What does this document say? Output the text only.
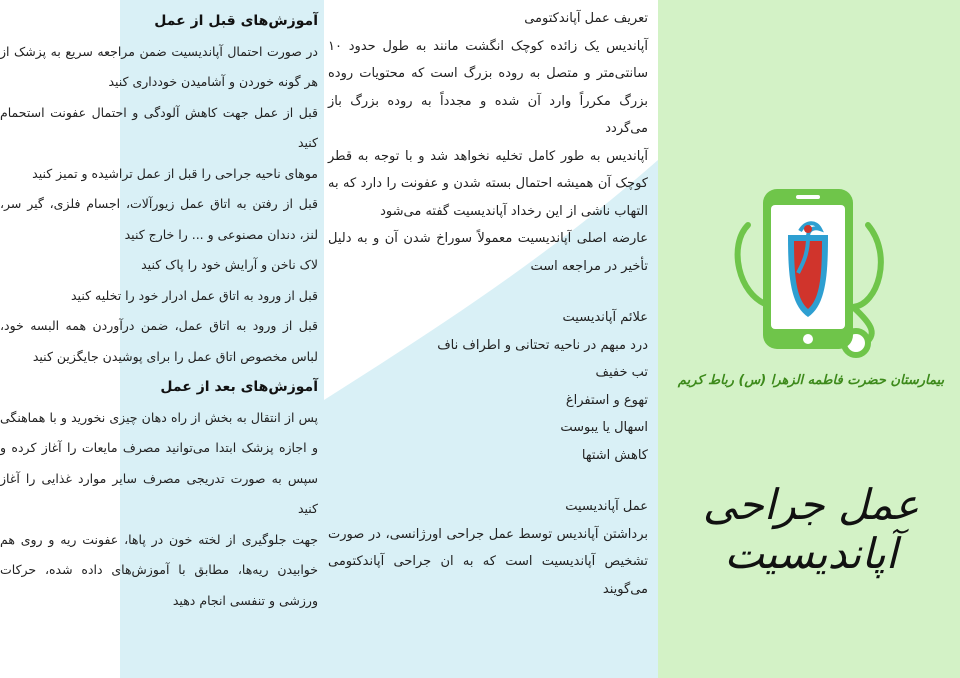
آموزش‌های قبل از عمل

در صورت احتمال آپاندیسیت ضمن مراجعه سریع به پزشک از هر گونه خوردن و آشامیدن خودداری کنید

قبل از عمل جهت کاهش آلودگی و احتمال عفونت استحمام کنید

موهای ناحیه جراحی را قبل از عمل تراشیده و تمیز کنید

قبل از رفتن به اتاق عمل زیورآلات، اجسام فلزی، گیر سر، لنز، دندان مصنوعی و ... را خارج کنید

لاک ناخن و آرایش خود را پاک کنید

قبل از ورود به اتاق عمل ادرار خود را تخلیه کنید

قبل از ورود به اتاق عمل، ضمن درآوردن همه البسه خود، لباس مخصوص اتاق عمل را برای پوشیدن جایگزین کنید

آموزش‌های بعد از عمل

پس از انتقال به بخش از راه دهان چیزی نخورید و با هماهنگی و اجازه پزشک ابتدا می‌توانید مصرف مایعات را آغاز کرده و سپس به صورت تدریجی مصرف سایر موارد غذایی را آغاز کنید

جهت جلوگیری از لخته خون در پاها، عفونت ریه و روی هم خوابیدن ریه‌ها، مطابق با آموزش‌های داده شده، حرکات ورزشی و تنفسی انجام دهید

تعریف عمل آپاندکتومی

آپاندیس یک زائده کوچک انگشت مانند به طول حدود ۱۰ سانتی‌متر و متصل به روده بزرگ است که محتویات روده بزرگ مکرراً وارد آن شده و مجدداً به روده بزرگ باز می‌گردد

آپاندیس به طور کامل تخلیه نخواهد شد و با توجه به قطر کوچک آن همیشه احتمال بسته شدن و عفونت را دارد که به التهاب ناشی از این رخداد آپاندیسیت گفته می‌شود

عارضه اصلی آپاندیسیت معمولاً سوراخ شدن آن و به دلیل تأخیر در مراجعه است

علائم آپاندیسیت

درد مبهم در ناحیه تحتانی و اطراف ناف

تب خفیف

تهوع و استفراغ

اسهال یا یبوست

کاهش اشتها

عمل آپاندیسیت

برداشتن آپاندیس توسط عمل جراحی اورژانسی، در صورت تشخیص آپاندیسیت است که به ان جراحی آپاندکتومی می‌گویند

بیمارستان حضرت فاطمه الزهرا (س) رباط کریم
عمل جراحی آپاندیسیت
